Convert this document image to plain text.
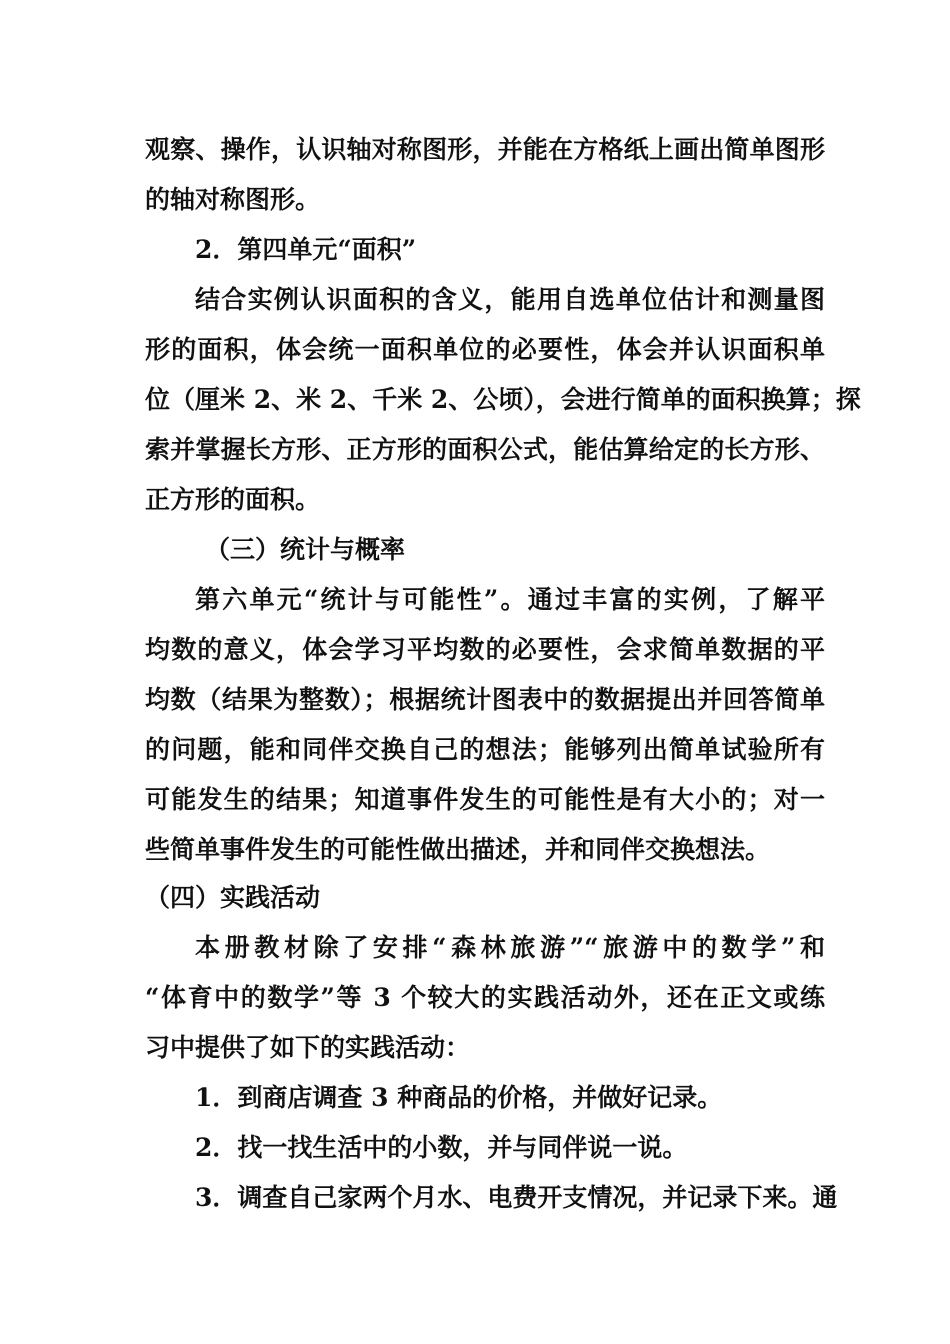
观察、操作，认识轴对称图形，并能在方格纸上画出简单图形
的轴对称图形。
2．第四单元“面积”
结合实例认识面积的含义，能用自选单位估计和测量图
形的面积，体会统一面积单位的必要性，体会并认识面积单
位（厘米 2、米 2、千米 2、公顷），会进行简单的面积换算；探
索并掌握长方形、正方形的面积公式，能估算给定的长方形、
正方形的面积。
（三）统计与概率
第六单元“统计与可能性”。通过丰富的实例，了解平
均数的意义，体会学习平均数的必要性，会求简单数据的平
均数（结果为整数）；根据统计图表中的数据提出并回答简单
的问题，能和同伴交换自己的想法；能够列出简单试验所有
可能发生的结果；知道事件发生的可能性是有大小的；对一
些简单事件发生的可能性做出描述，并和同伴交换想法。
（四）实践活动
本册教材除了安排“森林旅游”“旅游中的数学”和
“体育中的数学”等 3 个较大的实践活动外，还在正文或练
习中提供了如下的实践活动：
1．到商店调查 3 种商品的价格，并做好记录。
2．找一找生活中的小数，并与同伴说一说。
3．调查自己家两个月水、电费开支情况，并记录下来。通
